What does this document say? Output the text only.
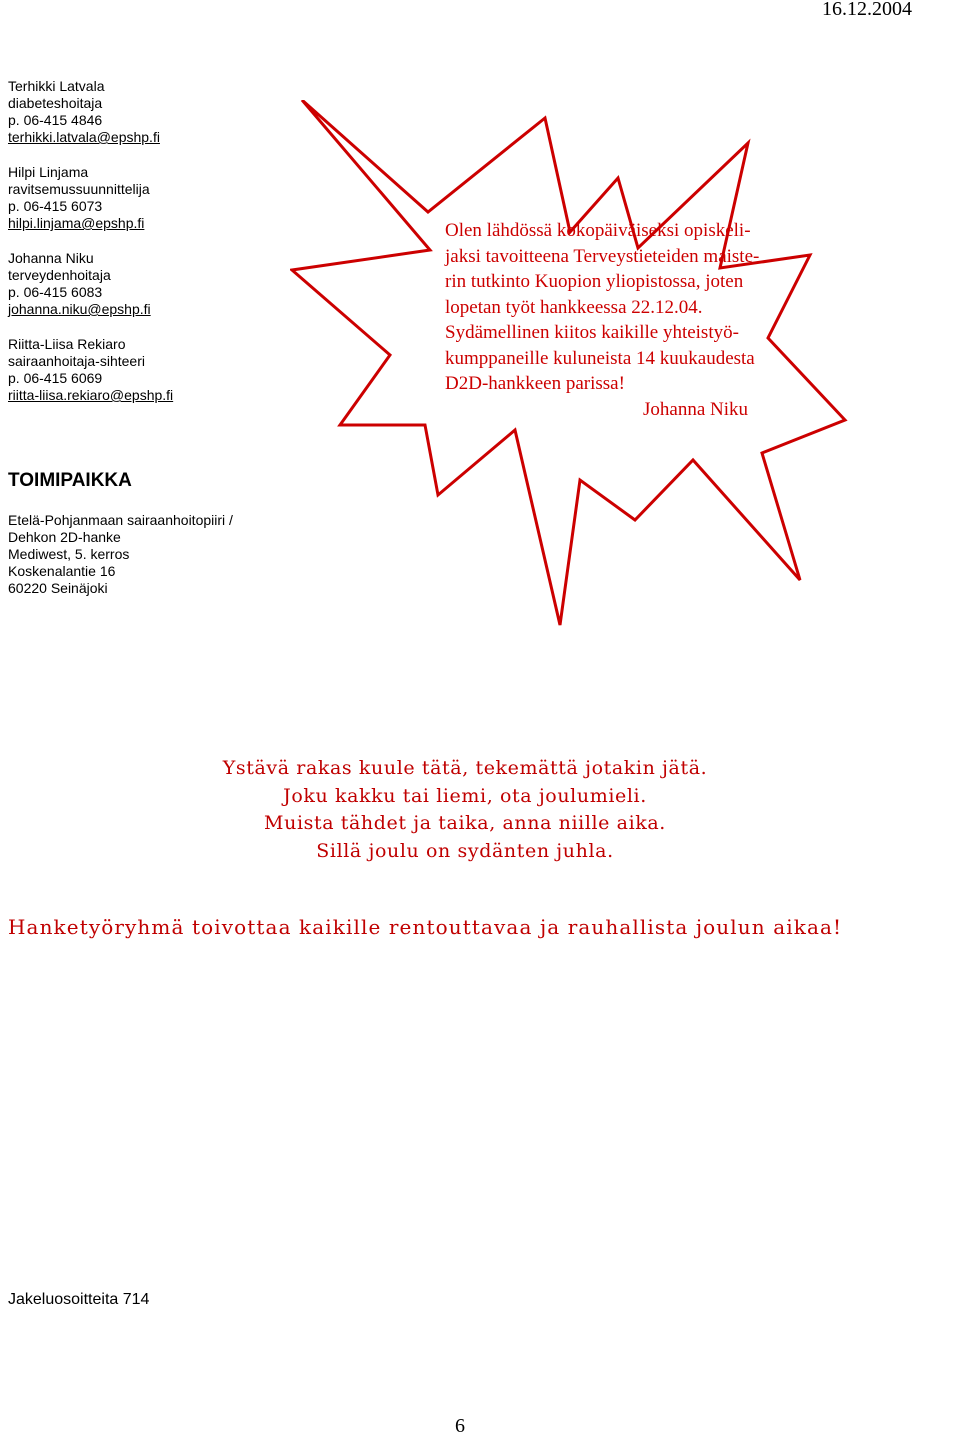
16.12.2004
Terhikki Latvala
diabeteshoitaja
p. 06-415 4846
terhikki.latvala@epshp.fi
Hilpi Linjama
ravitsemussuunnittelija
p. 06-415 6073
hilpi.linjama@epshp.fi
Johanna Niku
terveydenhoitaja
p. 06-415 6083
johanna.niku@epshp.fi
Riitta-Liisa Rekiaro
sairaanhoitaja-sihteeri
p. 06-415 6069
riitta-liisa.rekiaro@epshp.fi
TOIMIPAIKKA
Etelä-Pohjanmaan sairaanhoitopiiri /
Dehkon 2D-hanke
Mediwest, 5. kerros
Koskenalantie 16
60220 Seinäjoki
Olen lähdössä kokopäiväiseksi opiskeli-
jaksi tavoitteena Terveystieteiden maiste-
rin tutkinto Kuopion yliopistossa, joten
lopetan työt hankkeessa 22.12.04.
Sydämellinen kiitos kaikille yhteistyö-
kumppaneille kuluneista 14 kuukaudesta
D2D-hankkeen parissa!
Johanna Niku
Ystävä rakas kuule tätä, tekemättä jotakin jätä.
Joku kakku tai liemi, ota joulumieli.
Muista tähdet ja taika, anna niille aika.
Sillä joulu on sydänten juhla.
Hanketyöryhmä toivottaa kaikille rentouttavaa ja rauhallista joulun aikaa!
Jakeluosoitteita 714
6
